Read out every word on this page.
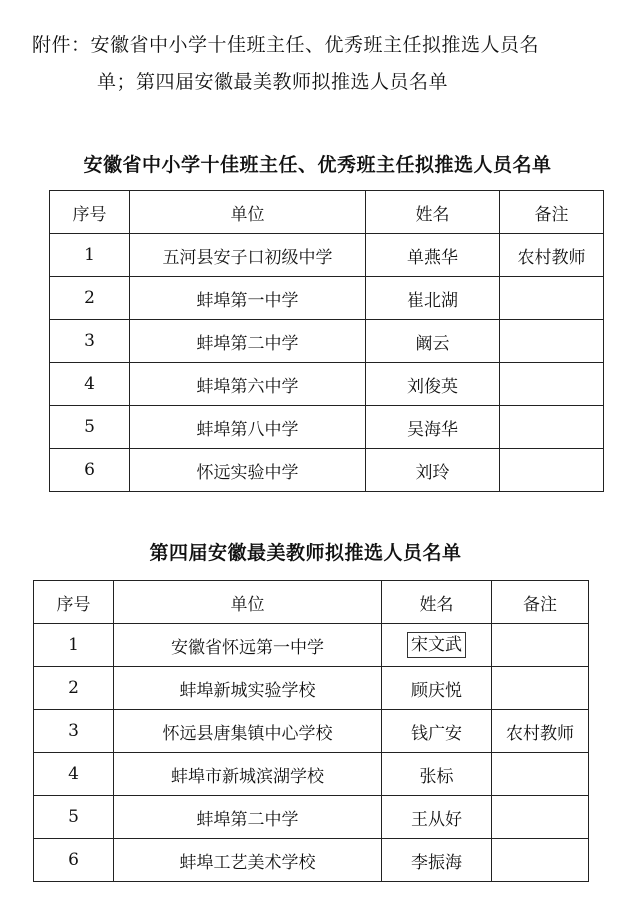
附件：安徽省中小学十佳班主任、优秀班主任拟推选人员名
单；第四届安徽最美教师拟推选人员名单
安徽省中小学十佳班主任、优秀班主任拟推选人员名单
序号	单位	姓名	备注
1	五河县安子口初级中学	单燕华	农村教师
2	蚌埠第一中学	崔北湖	
3	蚌埠第二中学	阚云	
4	蚌埠第六中学	刘俊英	
5	蚌埠第八中学	吴海华	
6	怀远实验中学	刘玲	
第四届安徽最美教师拟推选人员名单
序号	单位	姓名	备注
1	安徽省怀远第一中学	宋文武	
2	蚌埠新城实验学校	顾庆悦	
3	怀远县唐集镇中心学校	钱广安	农村教师
4	蚌埠市新城滨湖学校	张标	
5	蚌埠第二中学	王从好	
6	蚌埠工艺美术学校	李振海	
